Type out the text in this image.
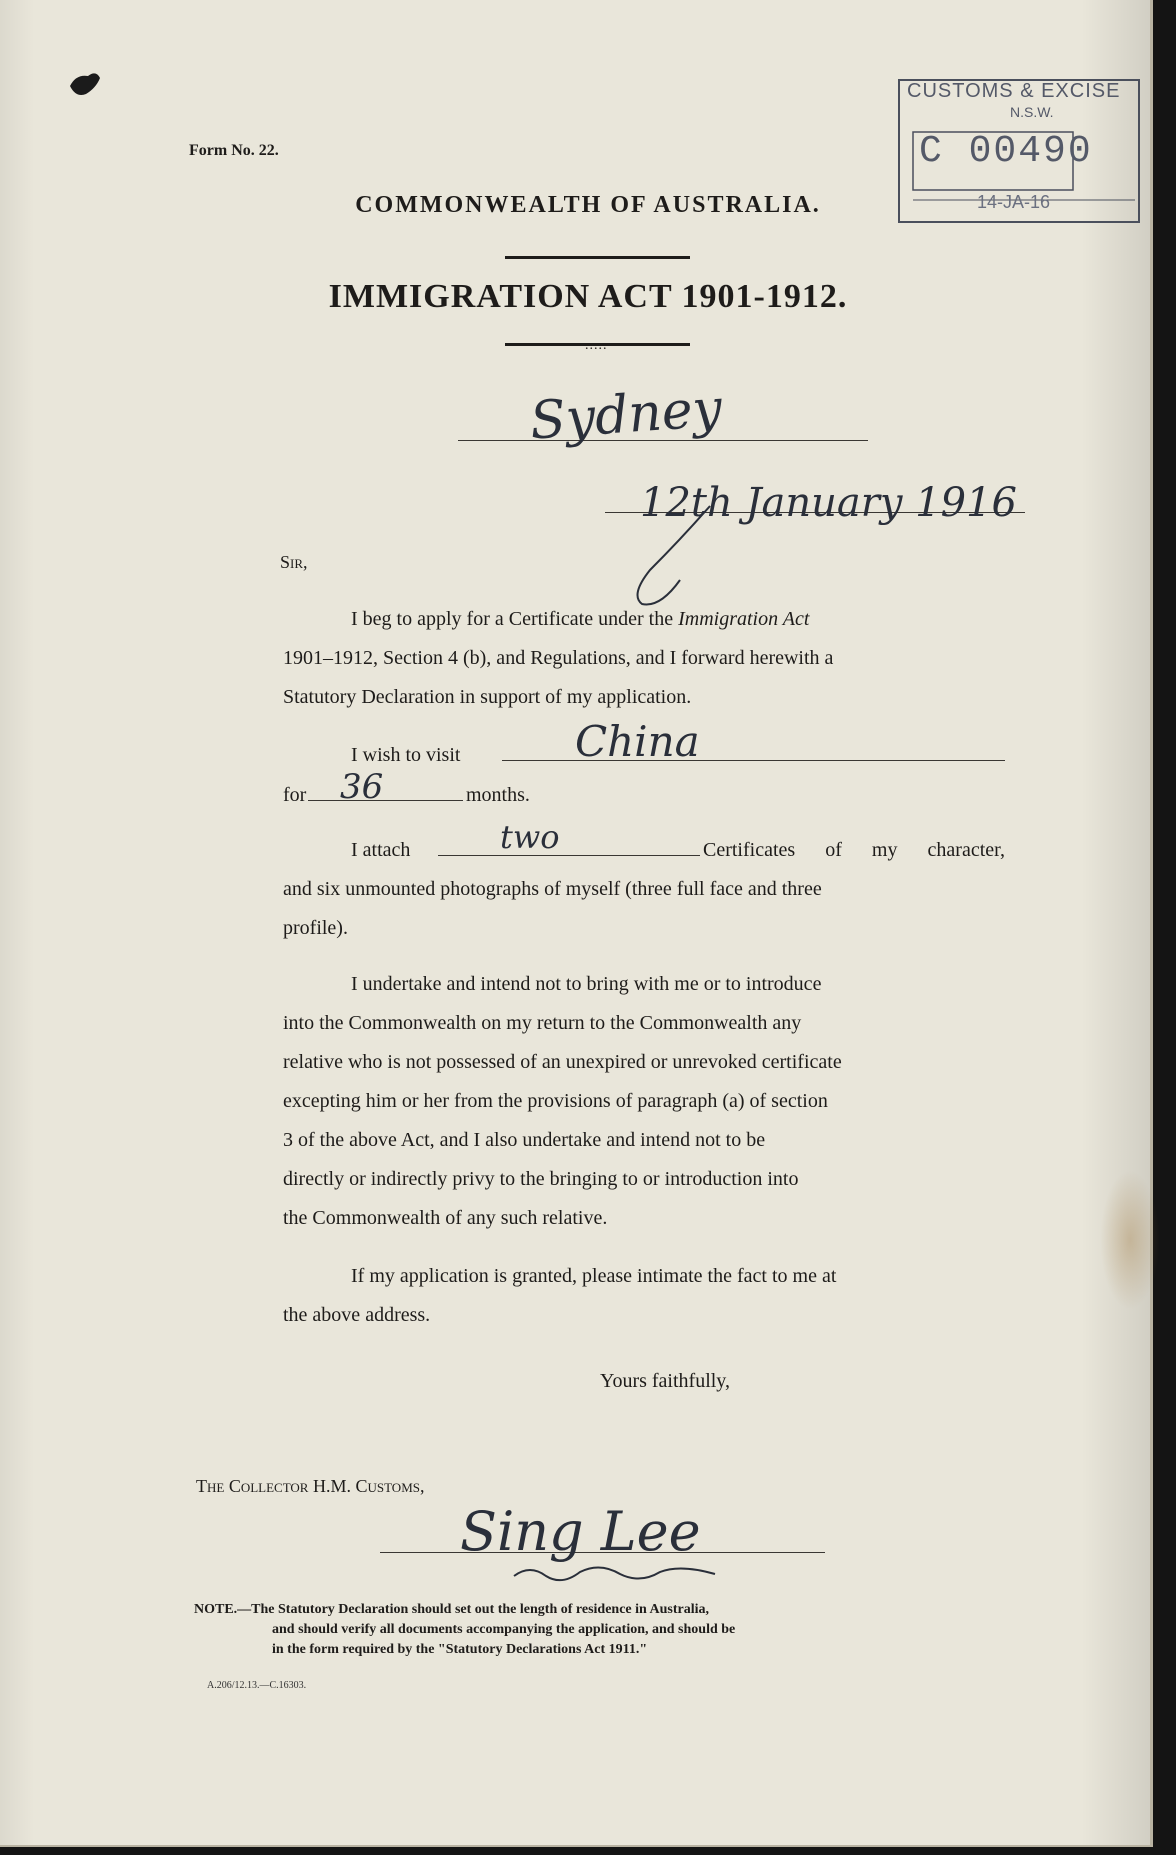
Form No. 22.
COMMONWEALTH OF AUSTRALIA.
IMMIGRATION ACT 1901-1912.
.....
CUSTOMS & EXCISE
N.S.W.
C 00490
14-JA-16
Sydney
12th January 1916
Sir,
I beg to apply for a Certificate under the Immigration Act
1901–1912, Section 4 (b), and Regulations, and I forward herewith a
Statutory Declaration in support of my application.
I wish to visit	China
for 36	months.
I attach	two	Certificates of my character,
and six unmounted photographs of myself (three full face and three
profile).
I undertake and intend not to bring with me or to introduce
into the Commonwealth on my return to the Commonwealth any
relative who is not possessed of an unexpired or unrevoked certificate
excepting him or her from the provisions of paragraph (a) of section
3 of the above Act, and I also undertake and intend not to be
directly or indirectly privy to the bringing to or introduction into
the Commonwealth of any such relative.
If my application is granted, please intimate the fact to me at
the above address.
Yours faithfully,
The Collector H.M. Customs,
Sing Lee
NOTE.—The Statutory Declaration should set out the length of residence in Australia,
and should verify all documents accompanying the application, and should be
in the form required by the "Statutory Declarations Act 1911."
A.206/12.13.—C.16303.
